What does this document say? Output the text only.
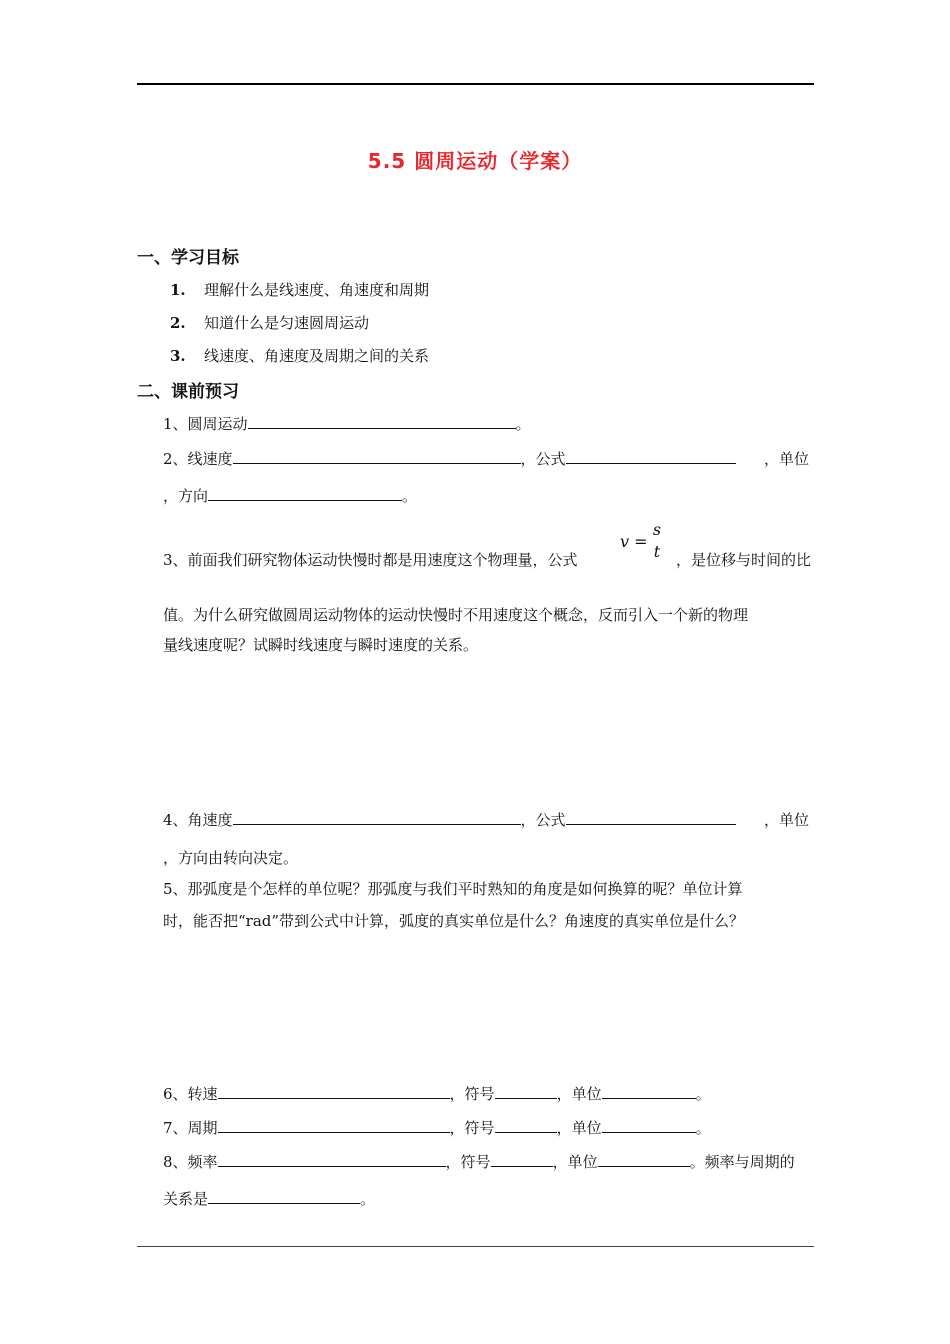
5.5 圆周运动（学案）
一、学习目标
1. 理解什么是线速度、角速度和周期
2. 知道什么是匀速圆周运动
3. 线速度、角速度及周期之间的关系
二、课前预习
1、圆周运动	。
2、线速度	，公式	，单位
，方向	。
v =
s
t
3、前面我们研究物体运动快慢时都是用速度这个物理量，公式	，是位移与时间的比
值。为什么研究做圆周运动物体的运动快慢时不用速度这个概念，反而引入一个新的物理
量线速度呢？试瞬时线速度与瞬时速度的关系。
4、角速度	，公式	，单位
，方向由转向决定。
5、那弧度是个怎样的单位呢？那弧度与我们平时熟知的角度是如何换算的呢？单位计算
时，能否把“rad”带到公式中计算，弧度的真实单位是什么？角速度的真实单位是什么？
6、转速	，符号	，单位	。
7、周期	，符号	，单位	。
8、频率	，符号	，单位	。频率与周期的
关系是	。
